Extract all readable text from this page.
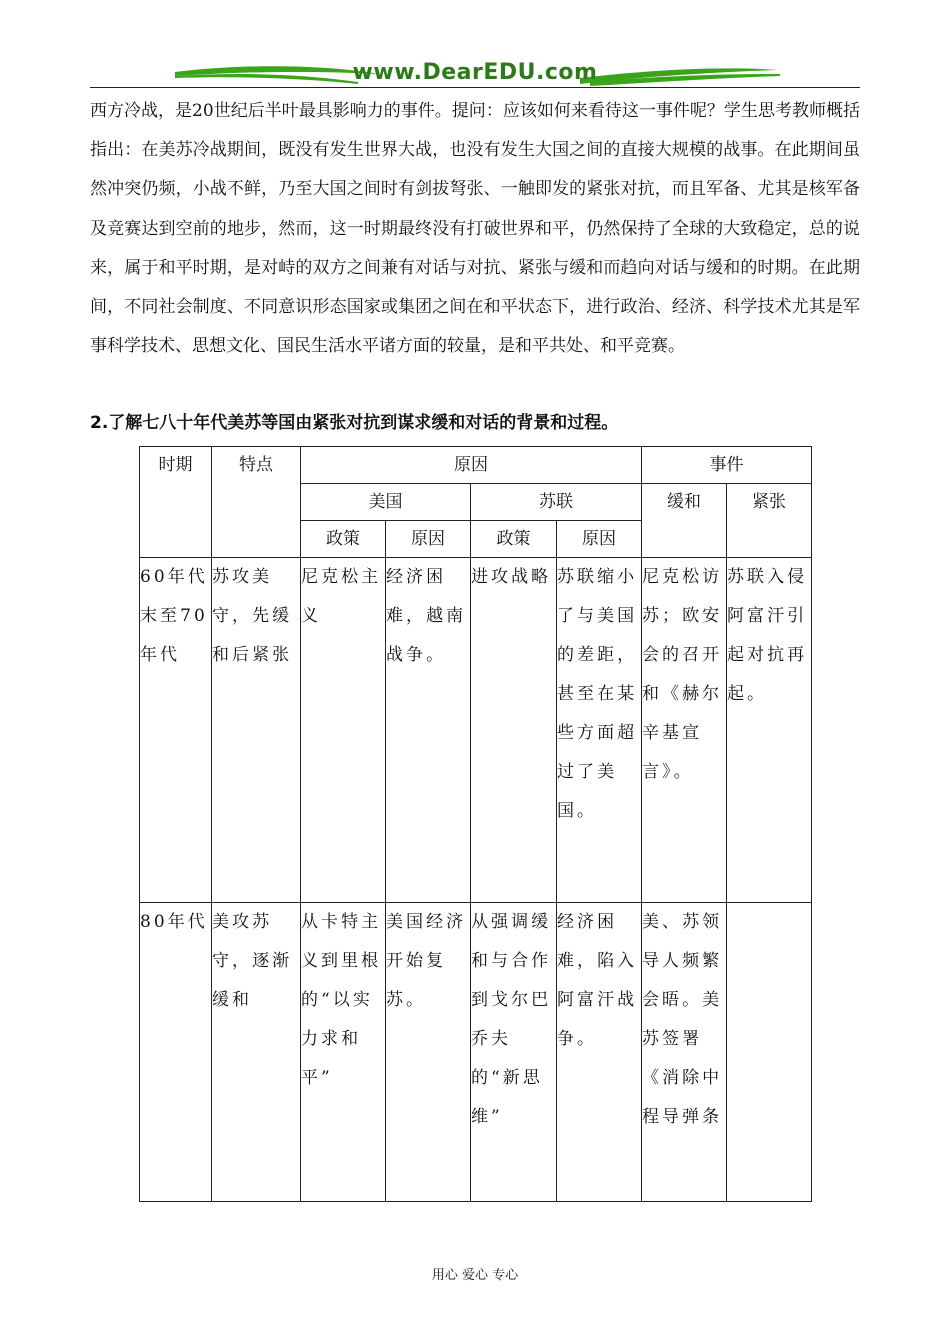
www.DearEDU.com

西方冷战，是20世纪后半叶最具影响力的事件。提问：应该如何来看待这一事件呢？学生思考教师概括指出：在美苏冷战期间，既没有发生世界大战，也没有发生大国之间的直接大规模的战事。在此期间虽然冲突仍频，小战不鲜，乃至大国之间时有剑拔弩张、一触即发的紧张对抗，而且军备、尤其是核军备及竞赛达到空前的地步，然而，这一时期最终没有打破世界和平，仍然保持了全球的大致稳定，总的说来，属于和平时期，是对峙的双方之间兼有对话与对抗、紧张与缓和而趋向对话与缓和的时期。在此期间，不同社会制度、不同意识形态国家或集团之间在和平状态下，进行政治、经济、科学技术尤其是军事科学技术、思想文化、国民生活水平诸方面的较量，是和平共处、和平竞赛。

2.了解七八十年代美苏等国由紧张对抗到谋求缓和对话的背景和过程。

时期	特点	原因				事件	
		美国		苏联		缓和	紧张
		政策	原因	政策	原因		
60年代末至70年代	苏攻美守，先缓和后紧张	尼克松主义	经济困难，越南战争。	进攻战略	苏联缩小了与美国的差距，甚至在某些方面超过了美国。	尼克松访苏；欧安会的召开和《赫尔辛基宣言》。	苏联入侵阿富汗引起对抗再起。
80年代	美攻苏守，逐渐缓和	从卡特主义到里根的“以实力求和平”	美国经济开始复苏。	从强调缓和与合作到戈尔巴乔夫的“新思维”	经济困难，陷入阿富汗战争。	美、苏领导人频繁会晤。美苏签署《消除中程导弹条	
用心 爱心 专心
